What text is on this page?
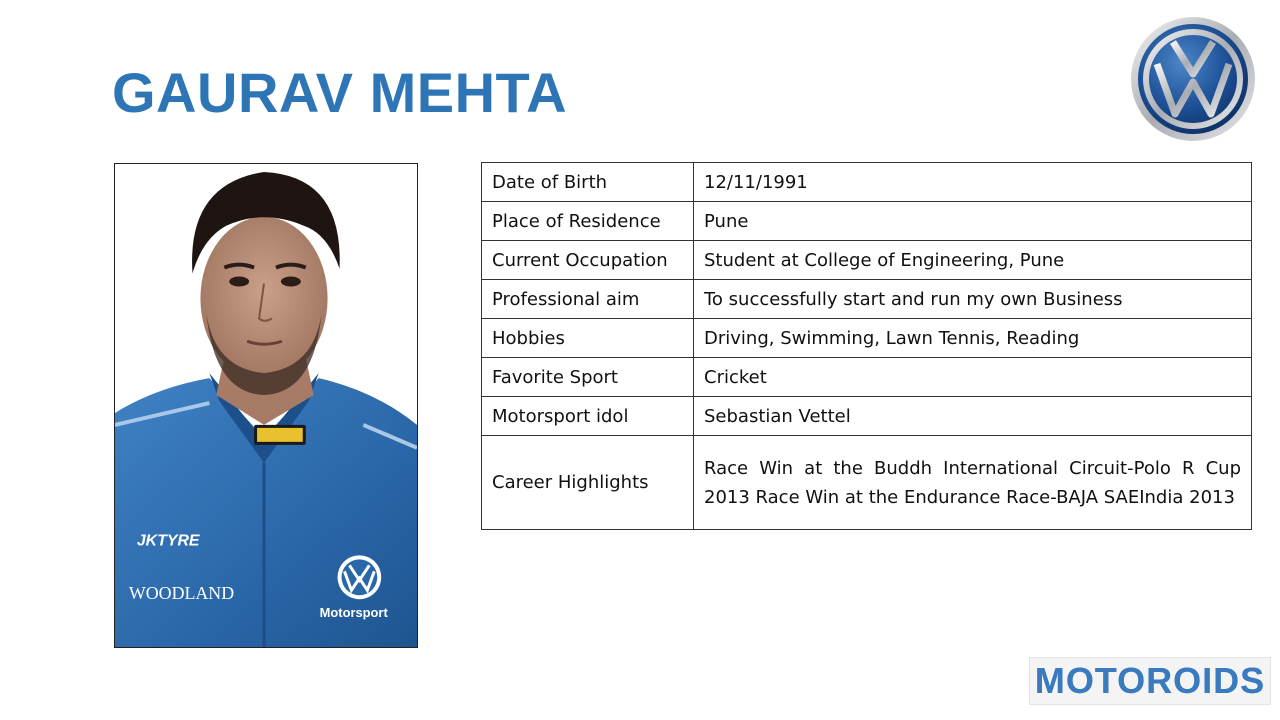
GAURAV MEHTA
JKTYRE
WOODLAND
Motorsport
Date of Birth	12/11/1991
Place of Residence	Pune
Current Occupation	Student at College of Engineering, Pune
Professional aim	To successfully start and run my own Business
Hobbies	Driving, Swimming, Lawn Tennis, Reading
Favorite Sport	Cricket
Motorsport idol	Sebastian Vettel
Career Highlights	Race Win at the Buddh International Circuit-Polo R Cup 2013 Race Win at the Endurance Race-BAJA SAEIndia 2013
MOTOROIDS
